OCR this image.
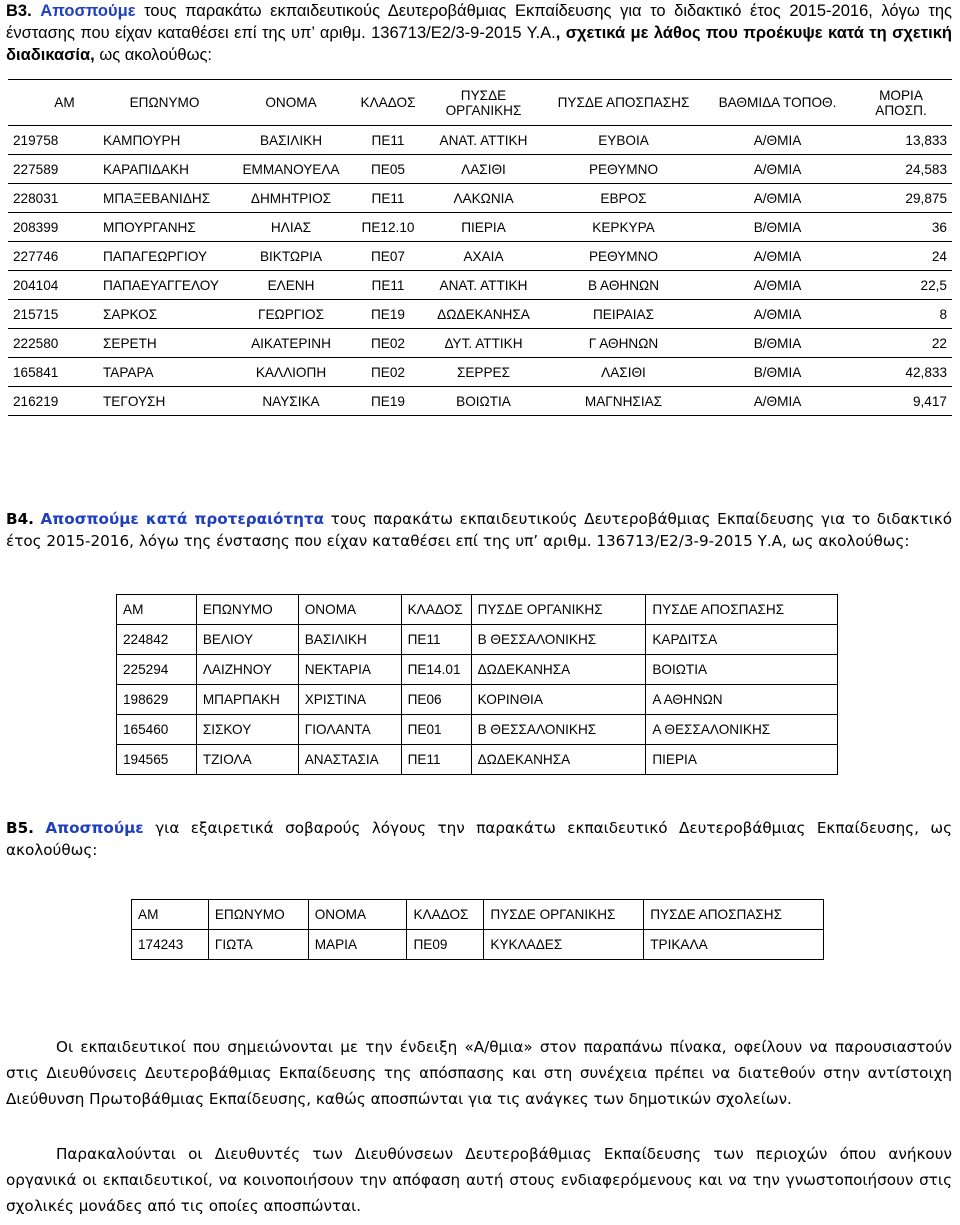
Β3. Αποσπούμε τους παρακάτω εκπαιδευτικούς Δευτεροβάθμιας Εκπαίδευσης για το διδακτικό έτος 2015-2016, λόγω της ένστασης που είχαν καταθέσει επί της υπ’ αριθμ. 136713/Ε2/3-9-2015 Υ.Α., σχετικά με λάθος που προέκυψε κατά τη σχετική διαδικασία, ως ακολούθως:

ΑΜ	ΕΠΩΝΥΜΟ	ΟΝΟΜΑ	ΚΛΑΔΟΣ	ΠΥΣΔΕ ΟΡΓΑΝΙΚΗΣ	ΠΥΣΔΕ ΑΠΟΣΠΑΣΗΣ	ΒΑΘΜΙΔΑ ΤΟΠΟΘ.	ΜΟΡΙΑ ΑΠΟΣΠ.
219758	ΚΑΜΠΟΥΡΗ	ΒΑΣΙΛΙΚΗ	ΠΕ11	ΑΝΑΤ. ΑΤΤΙΚΗ	ΕΥΒΟΙΑ	Α/ΘΜΙΑ	13,833
227589	ΚΑΡΑΠΙΔΑΚΗ	ΕΜΜΑΝΟΥΕΛΑ	ΠΕ05	ΛΑΣΙΘΙ	ΡΕΘΥΜΝΟ	Α/ΘΜΙΑ	24,583
228031	ΜΠΑΞΕΒΑΝΙΔΗΣ	ΔΗΜΗΤΡΙΟΣ	ΠΕ11	ΛΑΚΩΝΙΑ	ΕΒΡΟΣ	Α/ΘΜΙΑ	29,875
208399	ΜΠΟΥΡΓΑΝΗΣ	ΗΛΙΑΣ	ΠΕ12.10	ΠΙΕΡΙΑ	ΚΕΡΚΥΡΑ	Β/ΘΜΙΑ	36
227746	ΠΑΠΑΓΕΩΡΓΙΟΥ	ΒΙΚΤΩΡΙΑ	ΠΕ07	ΑΧΑΙΑ	ΡΕΘΥΜΝΟ	Α/ΘΜΙΑ	24
204104	ΠΑΠΑΕΥΑΓΓΕΛΟΥ	ΕΛΕΝΗ	ΠΕ11	ΑΝΑΤ. ΑΤΤΙΚΗ	Β ΑΘΗΝΩΝ	Α/ΘΜΙΑ	22,5
215715	ΣΑΡΚΟΣ	ΓΕΩΡΓΙΟΣ	ΠΕ19	ΔΩΔΕΚΑΝΗΣΑ	ΠΕΙΡΑΙΑΣ	Α/ΘΜΙΑ	8
222580	ΣΕΡΕΤΗ	ΑΙΚΑΤΕΡΙΝΗ	ΠΕ02	ΔΥΤ. ΑΤΤΙΚΗ	Γ ΑΘΗΝΩΝ	Β/ΘΜΙΑ	22
165841	ΤΑΡΑΡΑ	ΚΑΛΛΙΟΠΗ	ΠΕ02	ΣΕΡΡΕΣ	ΛΑΣΙΘΙ	Β/ΘΜΙΑ	42,833
216219	ΤΕΓΟΥΣΗ	ΝΑΥΣΙΚΑ	ΠΕ19	ΒΟΙΩΤΙΑ	ΜΑΓΝΗΣΙΑΣ	Α/ΘΜΙΑ	9,417

Β4. Αποσπούμε κατά προτεραιότητα τους παρακάτω εκπαιδευτικούς Δευτεροβάθμιας Εκπαίδευσης για το διδακτικό έτος 2015-2016, λόγω της ένστασης που είχαν καταθέσει επί της υπ’ αριθμ. 136713/Ε2/3-9-2015 Υ.Α, ως ακολούθως:

ΑΜ	ΕΠΩΝΥΜΟ	ΟΝΟΜΑ	ΚΛΑΔΟΣ	ΠΥΣΔΕ ΟΡΓΑΝΙΚΗΣ	ΠΥΣΔΕ ΑΠΟΣΠΑΣΗΣ
224842	ΒΕΛΙΟΥ	ΒΑΣΙΛΙΚΗ	ΠΕ11	Β ΘΕΣΣΑΛΟΝΙΚΗΣ	ΚΑΡΔΙΤΣΑ
225294	ΛΑΙΖΗΝΟΥ	ΝΕΚΤΑΡΙΑ	ΠΕ14.01	ΔΩΔΕΚΑΝΗΣΑ	ΒΟΙΩΤΙΑ
198629	ΜΠΑΡΠΑΚΗ	ΧΡΙΣΤΙΝΑ	ΠΕ06	ΚΟΡΙΝΘΙΑ	Α ΑΘΗΝΩΝ
165460	ΣΙΣΚΟΥ	ΓΙΟΛΑΝΤΑ	ΠΕ01	Β ΘΕΣΣΑΛΟΝΙΚΗΣ	Α ΘΕΣΣΑΛΟΝΙΚΗΣ
194565	ΤΖΙΟΛΑ	ΑΝΑΣΤΑΣΙΑ	ΠΕ11	ΔΩΔΕΚΑΝΗΣΑ	ΠΙΕΡΙΑ

Β5. Αποσπούμε για εξαιρετικά σοβαρούς λόγους την παρακάτω εκπαιδευτικό Δευτεροβάθμιας Εκπαίδευσης, ως ακολούθως:

ΑΜ	ΕΠΩΝΥΜΟ	ΟΝΟΜΑ	ΚΛΑΔΟΣ	ΠΥΣΔΕ ΟΡΓΑΝΙΚΗΣ	ΠΥΣΔΕ ΑΠΟΣΠΑΣΗΣ
174243	ΓΙΩΤΑ	ΜΑΡΙΑ	ΠΕ09	ΚΥΚΛΑΔΕΣ	ΤΡΙΚΑΛΑ

Οι εκπαιδευτικοί που σημειώνονται με την ένδειξη «Α/θμια» στον παραπάνω πίνακα, οφείλουν να παρουσιαστούν στις Διευθύνσεις Δευτεροβάθμιας Εκπαίδευσης της απόσπασης και στη συνέχεια πρέπει να διατεθούν στην αντίστοιχη Διεύθυνση Πρωτοβάθμιας Εκπαίδευσης, καθώς αποσπώνται για τις ανάγκες των δημοτικών σχολείων.

Παρακαλούνται οι Διευθυντές των Διευθύνσεων Δευτεροβάθμιας Εκπαίδευσης των περιοχών όπου ανήκουν οργανικά οι εκπαιδευτικοί, να κοινοποιήσουν την απόφαση αυτή στους ενδιαφερόμενους και να την γνωστοποιήσουν στις σχολικές μονάδες από τις οποίες αποσπώνται.
